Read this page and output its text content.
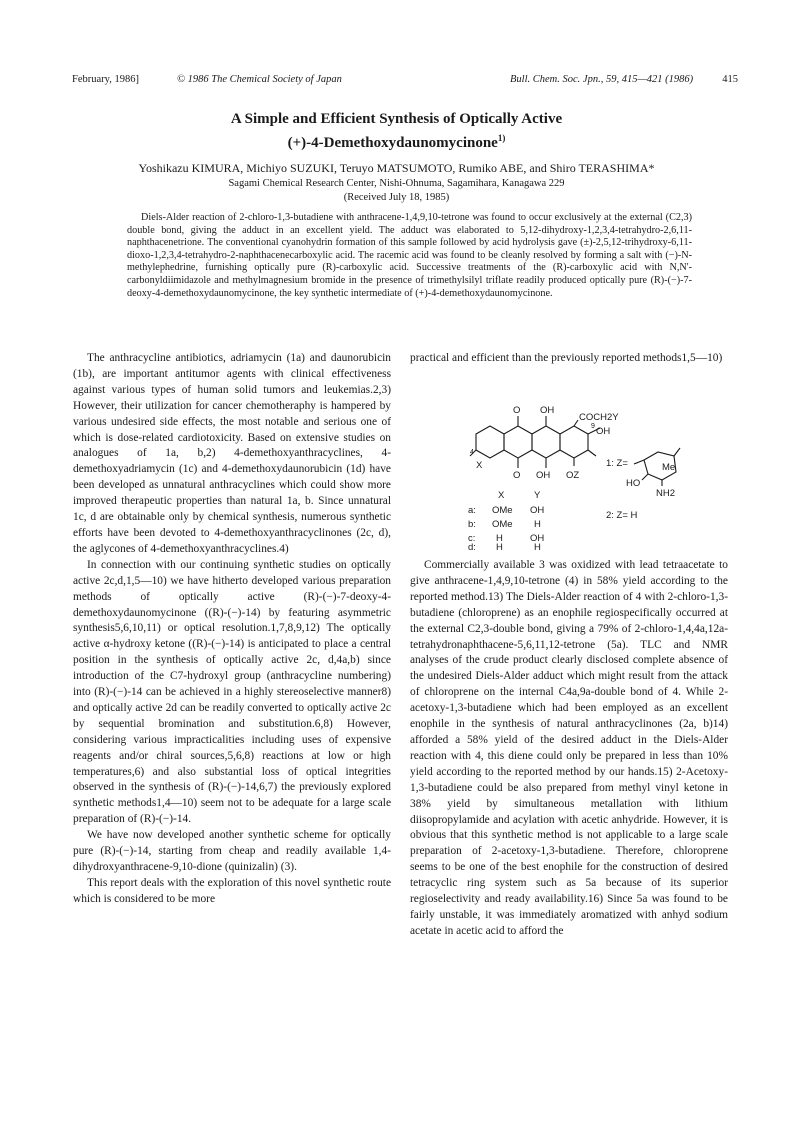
February, 1986]	© 1986 The Chemical Society of Japan	Bull. Chem. Soc. Jpn., 59, 415—421 (1986)	415
A Simple and Efficient Synthesis of Optically Active
(+)-4-Demethoxydaunomycinone$^{1)}$
Yoshikazu KIMURA, Michiyo SUZUKI, Teruyo MATSUMOTO, Rumiko ABE, and Shiro TERASHIMA*
Sagami Chemical Research Center, Nishi-Ohnuma, Sagamihara, Kanagawa 229
(Received July 18, 1985)

Diels-Alder reaction of 2-chloro-1,3-butadiene with anthracene-1,4,9,10-tetrone was found to occur exclusively at the external (C2,3) double bond, giving the adduct in an excellent yield. The adduct was elaborated to 5,12-dihydroxy-1,2,3,4-tetrahydro-2,6,11-naphthacenetrione. The conventional cyanohydrin formation of this sample followed by acid hydrolysis gave (±)-2,5,12-trihydroxy-6,11-dioxo-1,2,3,4-tetrahydro-2-naphthacenecarboxylic acid. The racemic acid was found to be cleanly resolved by forming a salt with (−)-N-methylephedrine, furnishing optically pure (R)-carboxylic acid. Successive treatments of the (R)-carboxylic acid with N,N'-carbonyldiimidazole and methylmagnesium bromide in the presence of trimethylsilyl triflate readily produced optically pure (R)-(−)-7-deoxy-4-demethoxydaunomycinone, the key synthetic intermediate of (+)-4-demethoxydaunomycinone.

The anthracycline antibiotics, adriamycin (1a) and daunorubicin (1b), are important antitumor agents with clinical effectiveness against various types of human solid tumors and leukemias.2,3) However, their utilization for cancer chemotheraphy is hampered by various undesired side effects, the most notable and serious one of which is dose-related cardiotoxicity. Based on extensive studies on analogues of 1a, b,2) 4-demethoxyanthracyclines, 4-demethoxyadriamycin (1c) and 4-demethoxydaunorubicin (1d) have been developed as unnatural anthracyclines which could show more improved therapeutic properties than natural 1a, b. Since unnatural 1c, d are obtainable only by chemical synthesis, numerous synthetic efforts have been devoted to 4-demethoxyanthracyclinones (2c, d), the aglycones of 4-demethoxyanthracyclines.4)

In connection with our continuing synthetic studies on optically active 2c,d,1,5—10) we have hitherto developed various preparation methods of optically active (R)-(−)-7-deoxy-4-demethoxydaunomycinone ((R)-(−)-14) by featuring asymmetric synthesis5,6,10,11) or optical resolution.1,7,8,9,12) The optically active α-hydroxy ketone ((R)-(−)-14) is anticipated to place a central position in the synthesis of optically active 2c, d,4a,b) since introduction of the C7-hydroxyl group (anthracycline numbering) into (R)-(−)-14 can be achieved in a highly stereoselective manner8) and optically active 2d can be readily converted to optically active 2c by sequential bromination and substitution.6,8) However, considering various impracticalities including uses of expensive reagents and/or chiral sources,5,6,8) reactions at low or high temperatures,6) and also substantial loss of optical integrities observed in the synthesis of (R)-(−)-14,6,7) the previously explored synthetic methods1,4—10) seem not to be adequate for a large scale preparation of (R)-(−)-14.

We have now developed another synthetic scheme for optically pure (R)-(−)-14, starting from cheap and readily available 1,4-dihydroxyanthracene-9,10-dione (quinizalin) (3).

This report deals with the exploration of this novel synthetic route which is considered to be more

practical and efficient than the previously reported methods1,5—10)

Commercially available 3 was oxidized with lead tetraacetate to give anthracene-1,4,9,10-tetrone (4) in 58% yield according to the reported method.13) The Diels-Alder reaction of 4 with 2-chloro-1,3-butadiene (chloroprene) as an enophile regiospecifically occurred at the external C2,3-double bond, giving a 79% of 2-chloro-1,4,4a,12a-tetrahydronaphthacene-5,6,11,12-tetrone (5a). TLC and NMR analyses of the crude product clearly disclosed complete absence of the undesired Diels-Alder adduct which might result from the attack of chloroprene on the internal C4a,9a-double bond of 4. While 2-acetoxy-1,3-butadiene which had been employed as an excellent enophile in the synthesis of natural anthracyclinones (2a, b)14) afforded a 58% yield of the desired adduct in the Diels-Alder reaction with 4, this diene could only be prepared in less than 10% yield according to the reported method by our hands.15) 2-Acetoxy-1,3-butadiene could be also prepared from methyl vinyl ketone in 38% yield by simultaneous metallation with lithium diisopropylamide and acylation with acetic anhydride. However, it is obvious that this synthetic method is not applicable to a large scale preparation of 2-acetoxy-1,3-butadiene. Therefore, chloroprene seems to be one of the best enophile for the construction of desired tetracyclic ring system such as 5a because of its superior regioselectivity and ready availability.16) Since 5a was found to be fairly unstable, it was immediately aromatized with anhyd sodium acetate in acetic acid to afford the

O OH
COCH2Y
OH
9
4
X
O OH OZ
X	Y
a: OMe OH
b: OMe H
c: H	OH
d: H	H
1: Z=	Me
HO
NH2
2: Z= H
